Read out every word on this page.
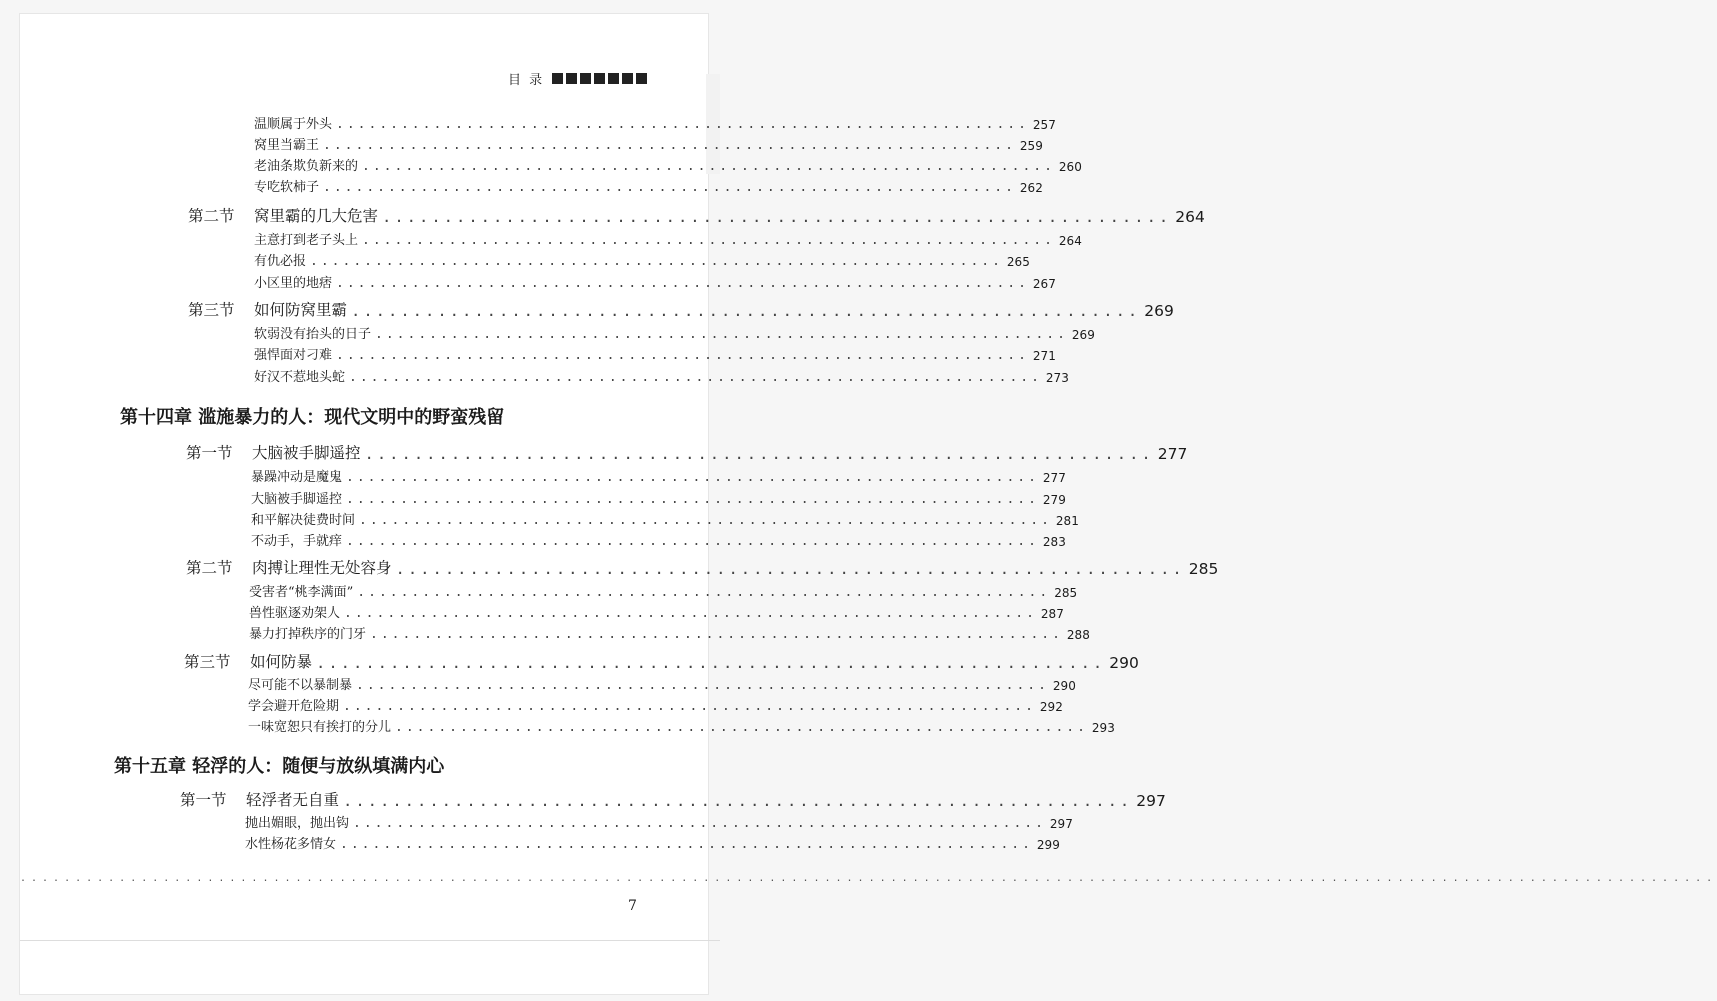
目 录
温顺属于外头 ................................................................ 257
窝里当霸王 ................................................................ 259
老油条欺负新来的 ................................................................ 260
专吃软柿子 ................................................................ 262
第二节 窝里霸的几大危害 ................................................................ 264
主意打到老子头上 ................................................................ 264
有仇必报 ................................................................ 265
小区里的地痞 ................................................................ 267
第三节 如何防窝里霸 ................................................................ 269
软弱没有抬头的日子 ................................................................ 269
强悍面对刁难 ................................................................ 271
好汉不惹地头蛇 ................................................................ 273
第十四章 滥施暴力的人：现代文明中的野蛮残留
第一节 大脑被手脚遥控 ................................................................ 277
暴躁冲动是魔鬼 ................................................................ 277
大脑被手脚遥控 ................................................................ 279
和平解决徒费时间 ................................................................ 281
不动手，手就痒 ................................................................ 283
第二节 肉搏让理性无处容身 ................................................................ 285
受害者“桃李满面” ................................................................ 285
兽性驱逐劝架人 ................................................................ 287
暴力打掉秩序的门牙 ................................................................ 288
第三节 如何防暴 ................................................................ 290
尽可能不以暴制暴 ................................................................ 290
学会避开危险期 ................................................................ 292
一味宽恕只有挨打的分儿 ................................................................ 293
第十五章 轻浮的人：随便与放纵填满内心
第一节 轻浮者无自重 ................................................................ 297
抛出媚眼，抛出钩 ................................................................ 297
水性杨花多情女 ................................................................ 299
..........................................................................................................................................................
7
